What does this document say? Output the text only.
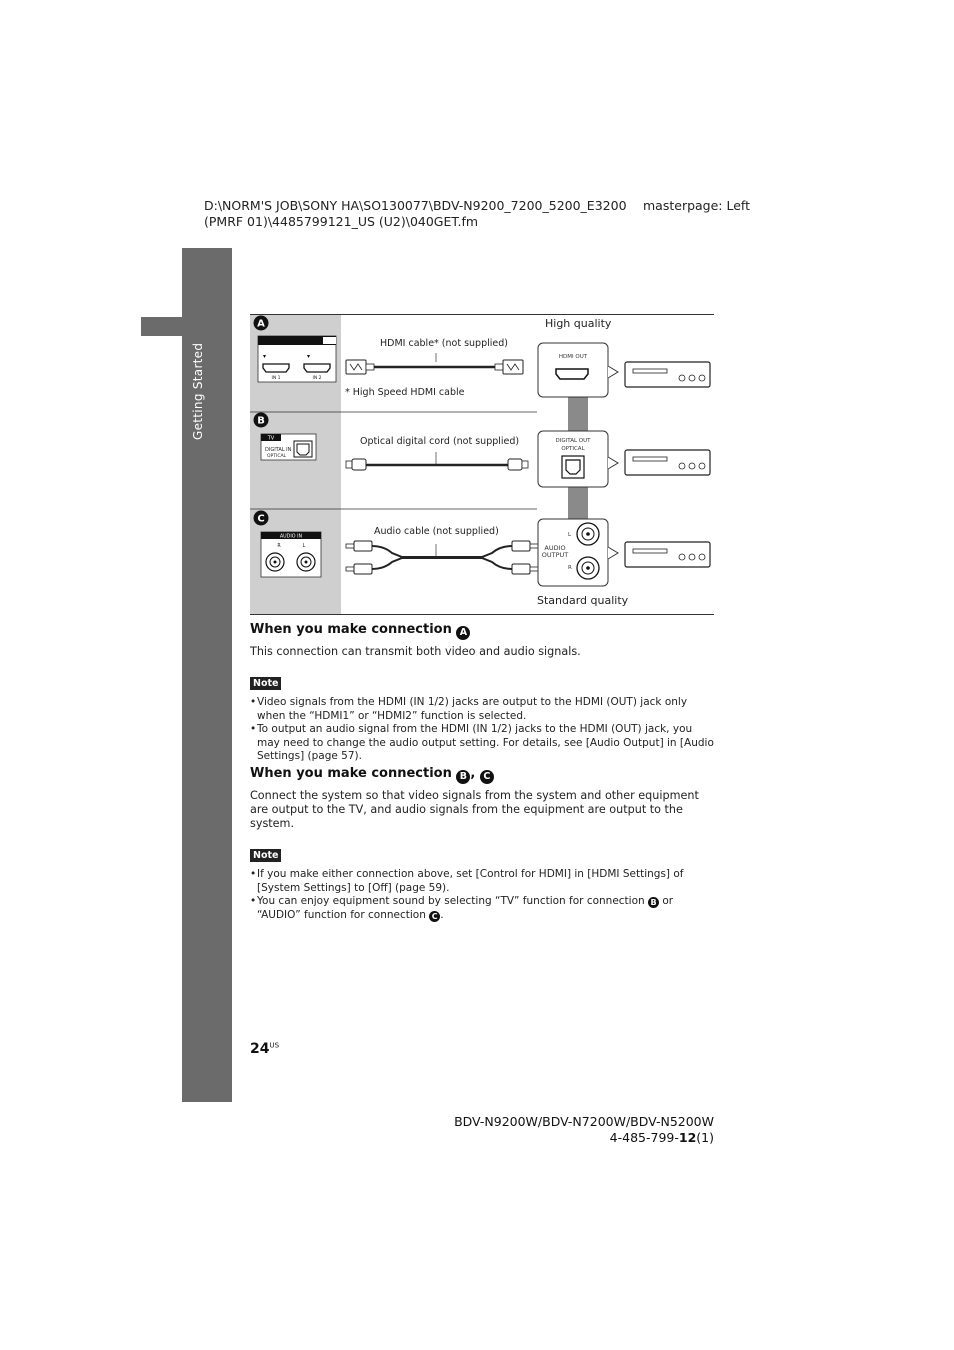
D:\NORM'S JOB\SONY HA\SO130077\BDV-N9200_7200_5200_E3200
(PMRF 01)\4485799121_US (U2)\040GET.fm
masterpage: Left
Getting Started
A
B
C
High quality
Standard quality
IN 1	IN 2
HDMI cable* (not supplied)
* High Speed HDMI cable
HDMI OUT
TV
DIGITAL IN
OPTICAL
Optical digital cord (not supplied)	DIGITAL OUT
OPTICAL
AUDIO IN
R	L
Audio cable (not supplied)	L
R
AUDIO
OUTPUT
When you make connection A
This connection can transmit both video and audio signals.
Note
• Video signals from the HDMI (IN 1/2) jacks are output to the HDMI (OUT) jack only when the “HDMI1” or “HDMI2” function is selected.
• To output an audio signal from the HDMI (IN 1/2) jacks to the HDMI (OUT) jack, you may need to change the audio output setting. For details, see [Audio Output] in [Audio Settings] (page 57).
When you make connection B , C
Connect the system so that video signals from the system and other equipment are output to the TV, and audio signals from the equipment are output to the system.
Note
• If you make either connection above, set [Control for HDMI] in [HDMI Settings] of [System Settings] to [Off] (page 59).
• You can enjoy equipment sound by selecting “TV” function for connection B or “AUDIO” function for connection C .
$24^{US}$
BDV-N9200W/BDV-N7200W/BDV-N5200W
4-485-799-12(1)
